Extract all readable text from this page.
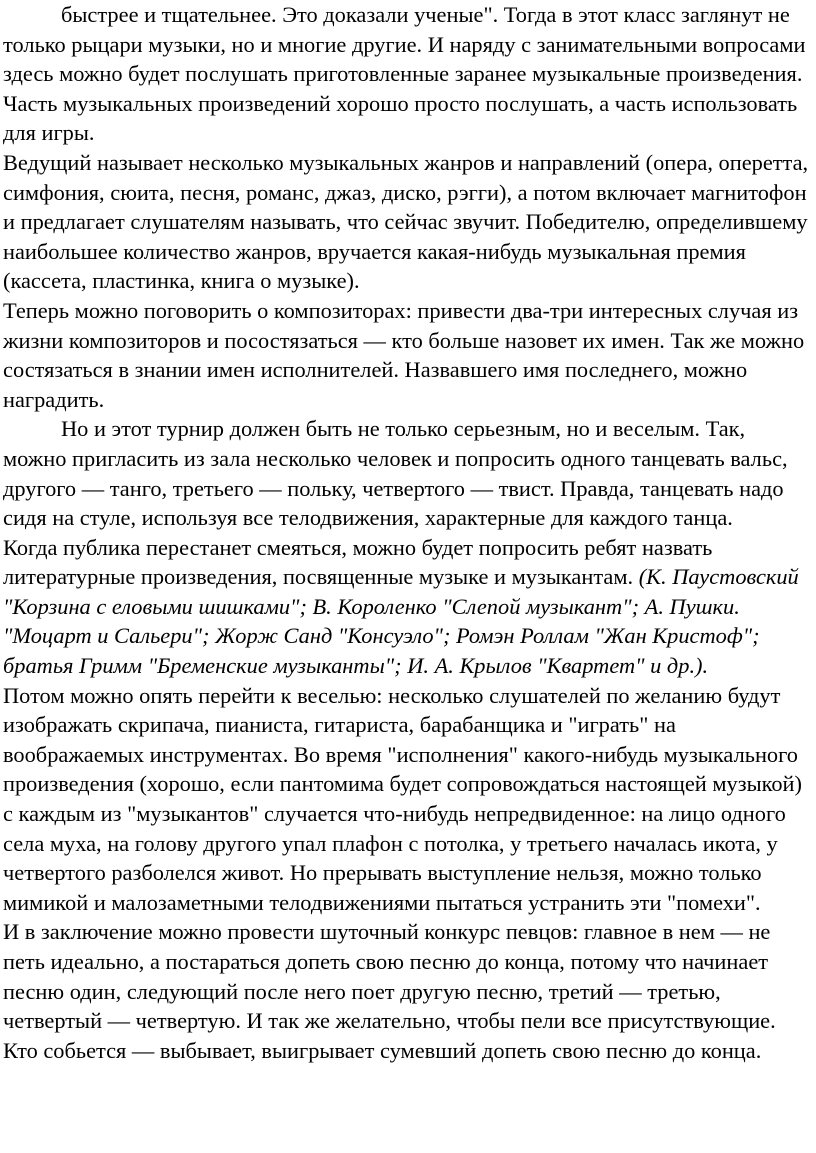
быстрее и тщательнее. Это доказали ученые". Тогда в этот класс заглянут не только рыцари музыки, но и многие другие. И наряду с занимательными вопросами здесь можно будет послушать приготовленные заранее музыкальные произведения. Часть музыкальных произведений хорошо просто послушать, а часть использовать для игры.

Ведущий называет несколько музыкальных жанров и направлений (опера, оперетта, симфония, сюита, песня, романс, джаз, диско, рэгги), а потом включает магнитофон и предлагает слушателям называть, что сейчас звучит. Победителю, определившему наибольшее количество жанров, вручается какая-нибудь музыкальная премия (кассета, пластинка, книга о музыке).

Теперь можно поговорить о композиторах: привести два-три интересных случая из жизни композиторов и посостязаться — кто больше назовет их имен. Так же можно состязаться в знании имен исполнителей. Назвавшего имя последнего, можно наградить.

Но и этот турнир должен быть не только серьезным, но и веселым. Так, можно пригласить из зала несколько человек и попросить одного танцевать вальс, другого — танго, третьего — польку, четвертого — твист. Правда, танцевать надо сидя на стуле, используя все телодвижения, характерные для каждого танца.

Когда публика перестанет смеяться, можно будет попросить ребят назвать литературные произведения, посвященные музыке и музыкантам. (К. Паустовский "Корзина с еловыми шишками"; В. Короленко "Слепой музыкант"; А. Пушки. "Моцарт и Сальери"; Жорж Санд "Консуэло"; Ромэн Роллам "Жан Кристоф"; братья Гримм "Бременские музыканты"; И. А. Крылов "Квартет" и др.).

Потом можно опять перейти к веселью: несколько слушателей по желанию будут изображать скрипача, пианиста, гитариста, барабанщика и "играть" на воображаемых инструментах. Во время "исполнения" какого-нибудь музыкального произведения (хорошо, если пантомима будет сопровождаться настоящей музыкой) с каждым из "музыкантов" случается что-нибудь непредвиденное: на лицо одного села муха, на голову другого упал плафон с потолка, у третьего началась икота, у четвертого разболелся живот. Но прерывать выступление нельзя, можно только мимикой и малозаметными телодвижениями пытаться устранить эти "помехи".

И в заключение можно провести шуточный конкурс певцов: главное в нем — не петь идеально, а постараться допеть свою песню до конца, потому что начинает песню один, следующий после него поет другую песню, третий — третью, четвертый — четвертую. И так же желательно, чтобы пели все присутствующие. Кто собьется — выбывает, выигрывает сумевший допеть свою песню до конца.
